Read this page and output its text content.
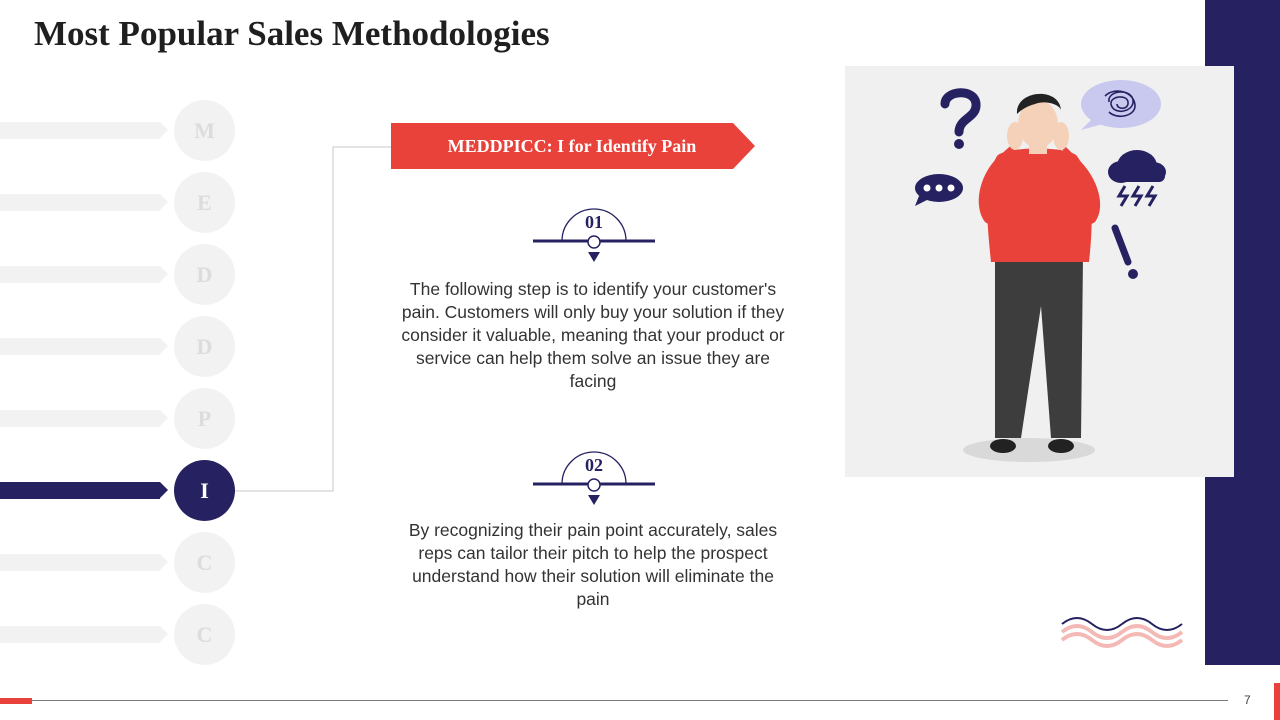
Most Popular Sales Methodologies
M
E
D
D
P
I
C
C
MEDDPICC: I for Identify Pain
01
The following step is to identify your customer's pain. Customers will only buy your solution if they consider it valuable, meaning that your product or service can help them solve an issue they are facing
02
By recognizing their pain point accurately, sales reps can tailor their pitch to help the prospect understand how their solution will eliminate the pain
7
